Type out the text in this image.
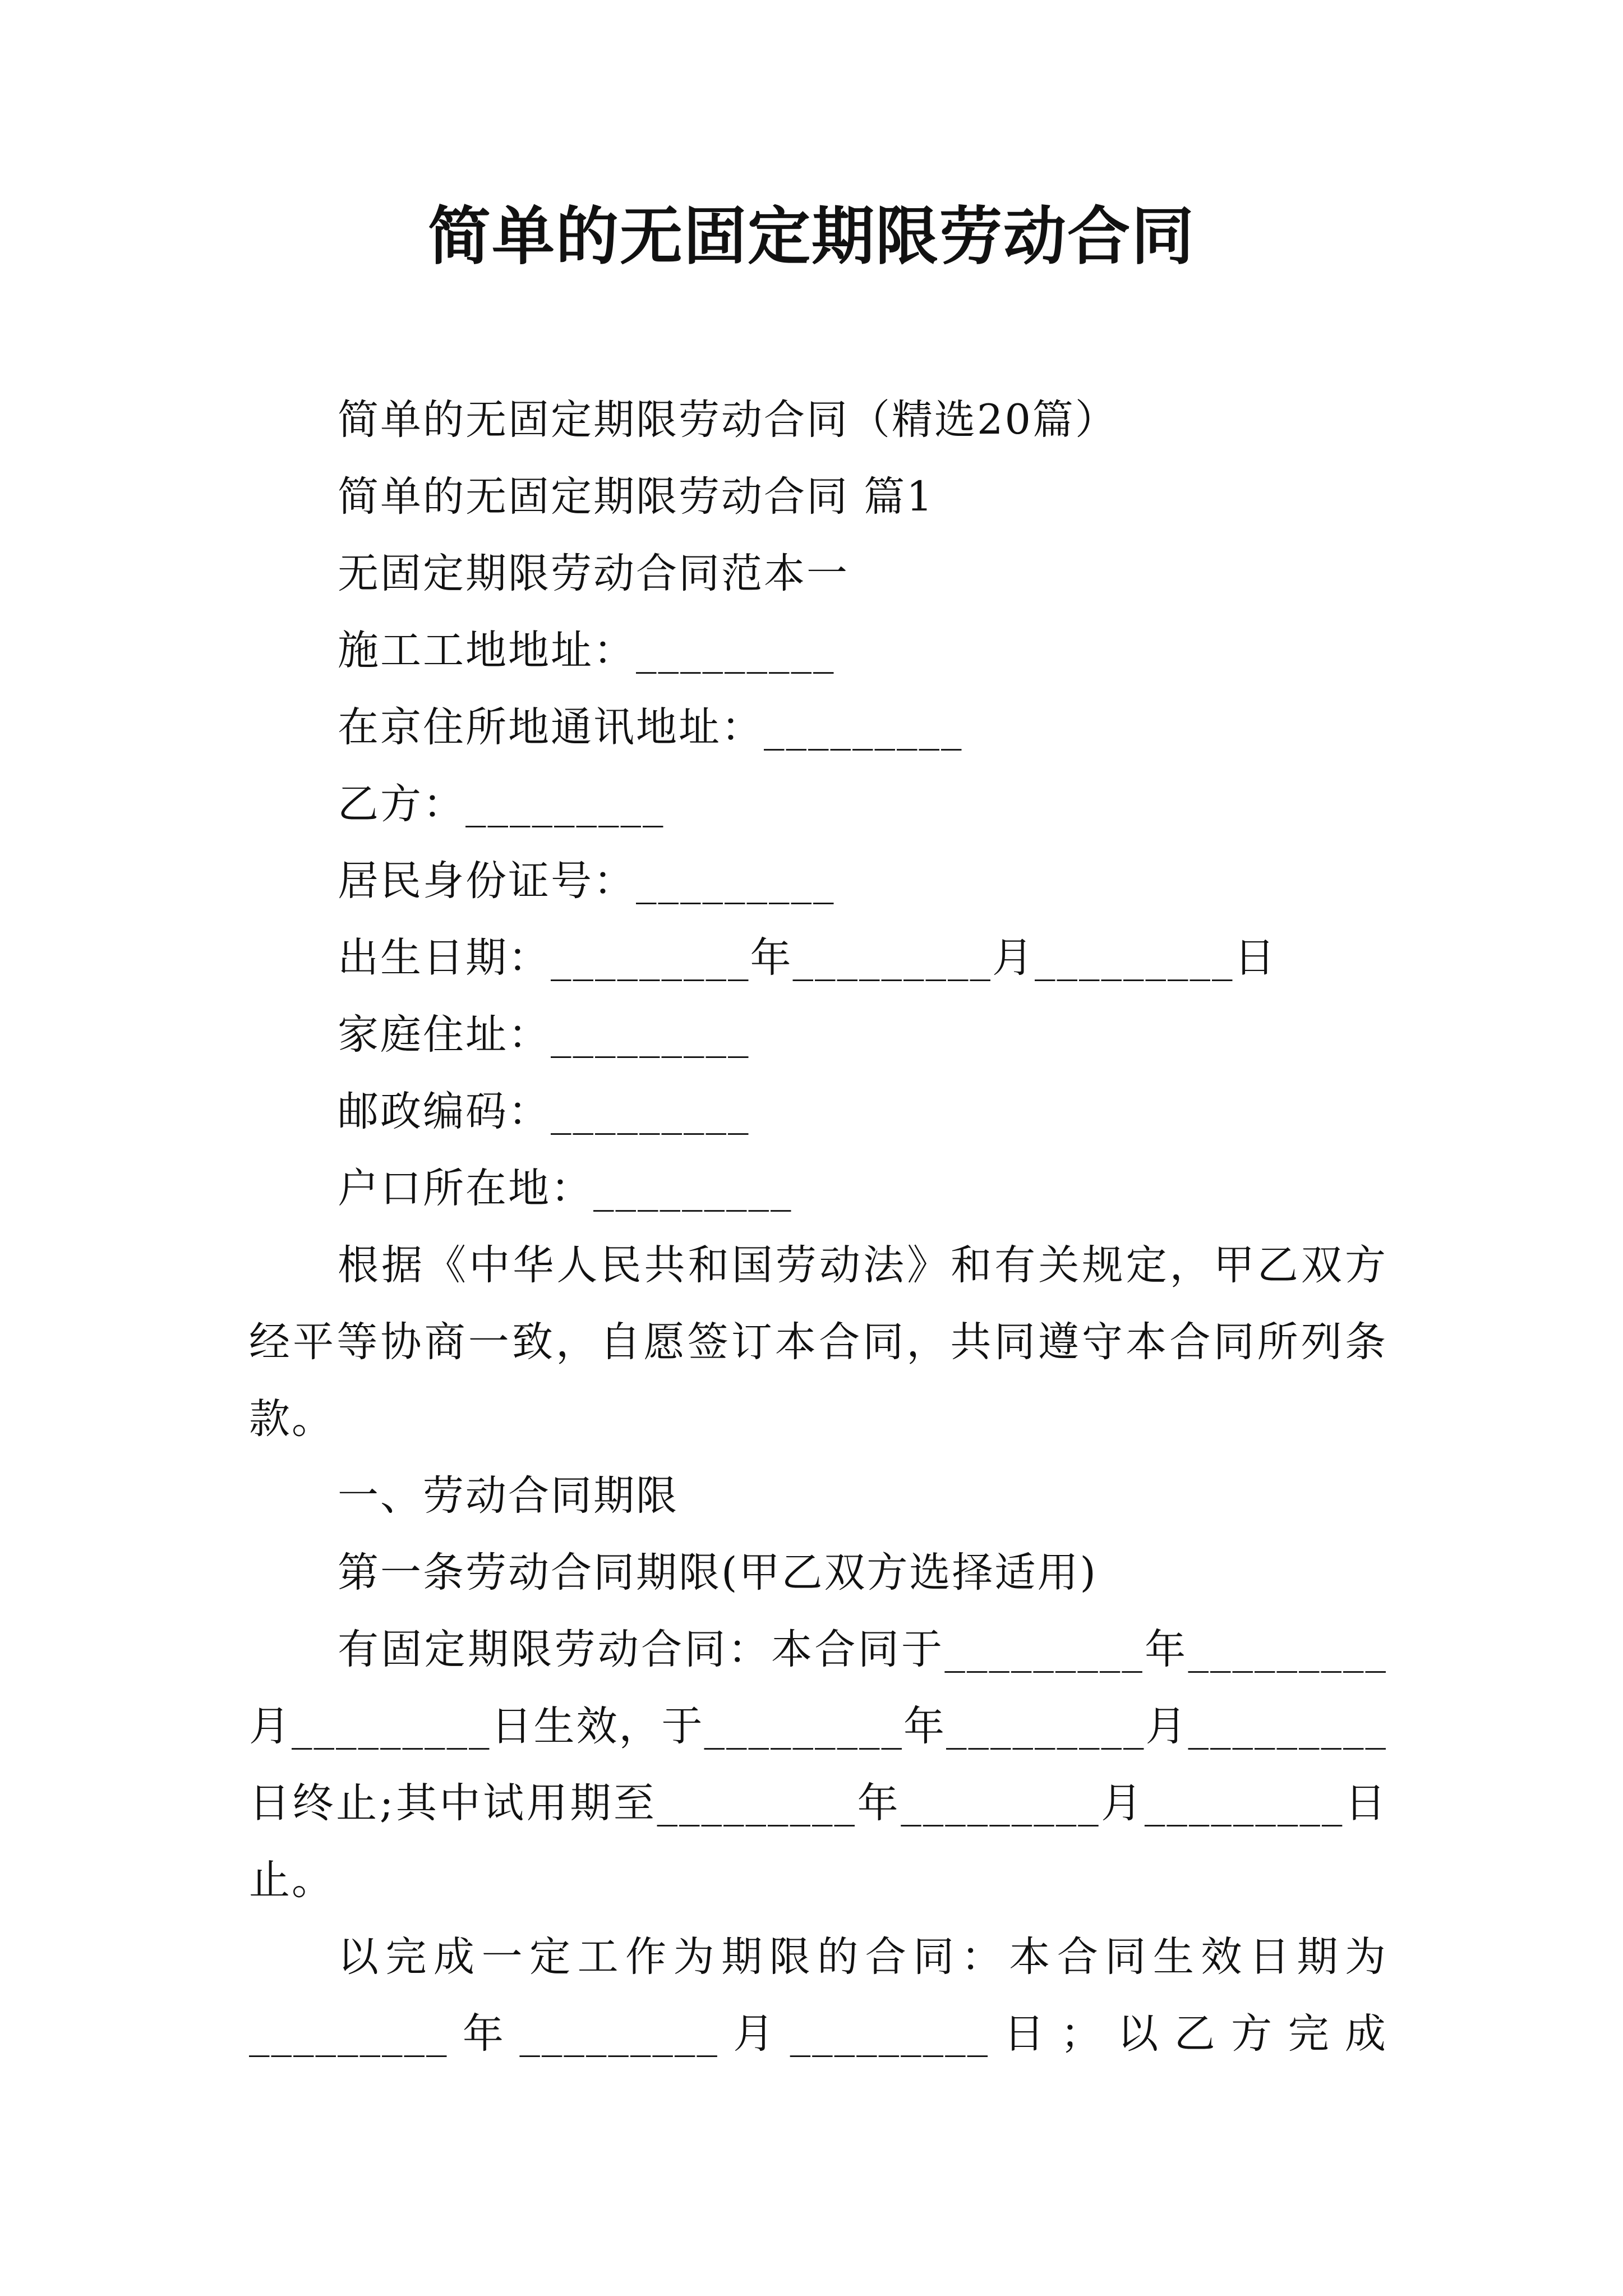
简单的无固定期限劳动合同

简单的无固定期限劳动合同（精选20篇）

简单的无固定期限劳动合同 篇1

无固定期限劳动合同范本一

施工工地地址：_________

在京住所地通讯地址：_________

乙方：_________

居民身份证号：_________

出生日期：_________年_________月_________日

家庭住址：_________

邮政编码：_________

户口所在地：_________

根据《中华人民共和国劳动法》和有关规定，甲乙双方经平等协商一致，自愿签订本合同，共同遵守本合同所列条款。

一、劳动合同期限

第一条劳动合同期限(甲乙双方选择适用)

有固定期限劳动合同：本合同于_________年_________月_________日生效，于_________年_________月_________日终止;其中试用期至_________年_________月_________日止。

以完成一定工作为期限的合同：本合同生效日期为_________年_________月_________日；以乙方完成
